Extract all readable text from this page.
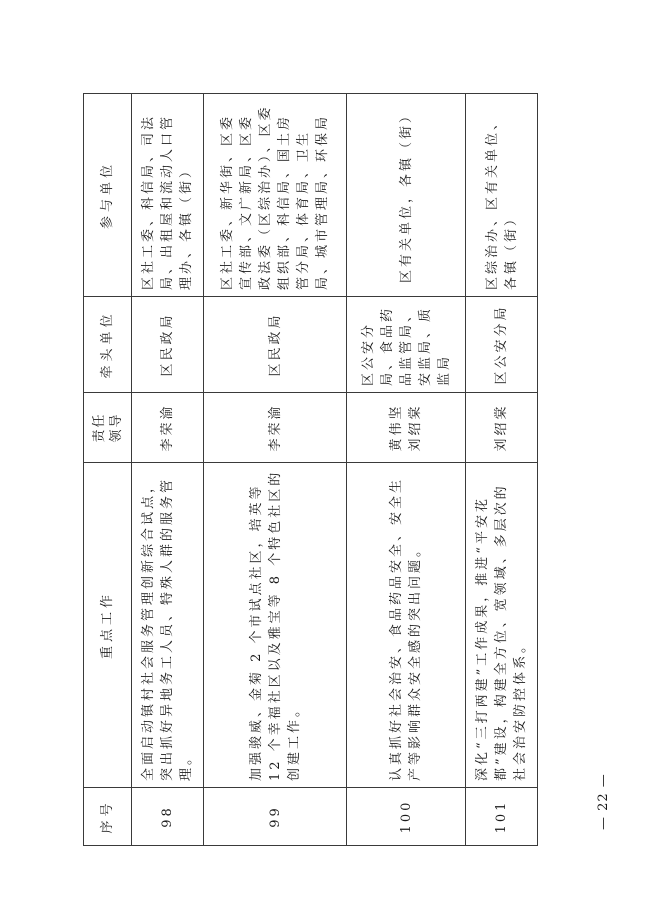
序号	重点工作	责任 领导	牵头单位	参与单位
98	全面启动镇村社会服务管理创新综合试点，突出抓好异地务工人员、特殊人群的服务管理。	李荣渝	区民政局	区社工委、科信局、司法局、出租屋和流动人口管理办、各镇（街）
99	加强骏威、金菊 2 个市试点社区，培英等 12 个幸福社区以及雅宝等 8 个特色社区的创建工作。	李荣渝	区民政局	区社工委、新华街、区委宣传部、文广新局、区委政法委（区综治办）、区委组织部、科信局、国土房管分局、体育局、卫生局、城市管理局、环保局
100	认真抓好社会治安、食品药品安全、安全生产等影响群众安全感的突出问题。	黄伟坚 刘绍棠	区公安分局、食品药品监管局、安监局、质监局	区有关单位，各镇（街）
101	深化“三打两建”工作成果，推进“平安花都”建设，构建全方位、宽领域、多层次的社会治安防控体系。	刘绍棠	区公安分局	区综治办、区有关单位、各镇（街）
— 22 —
